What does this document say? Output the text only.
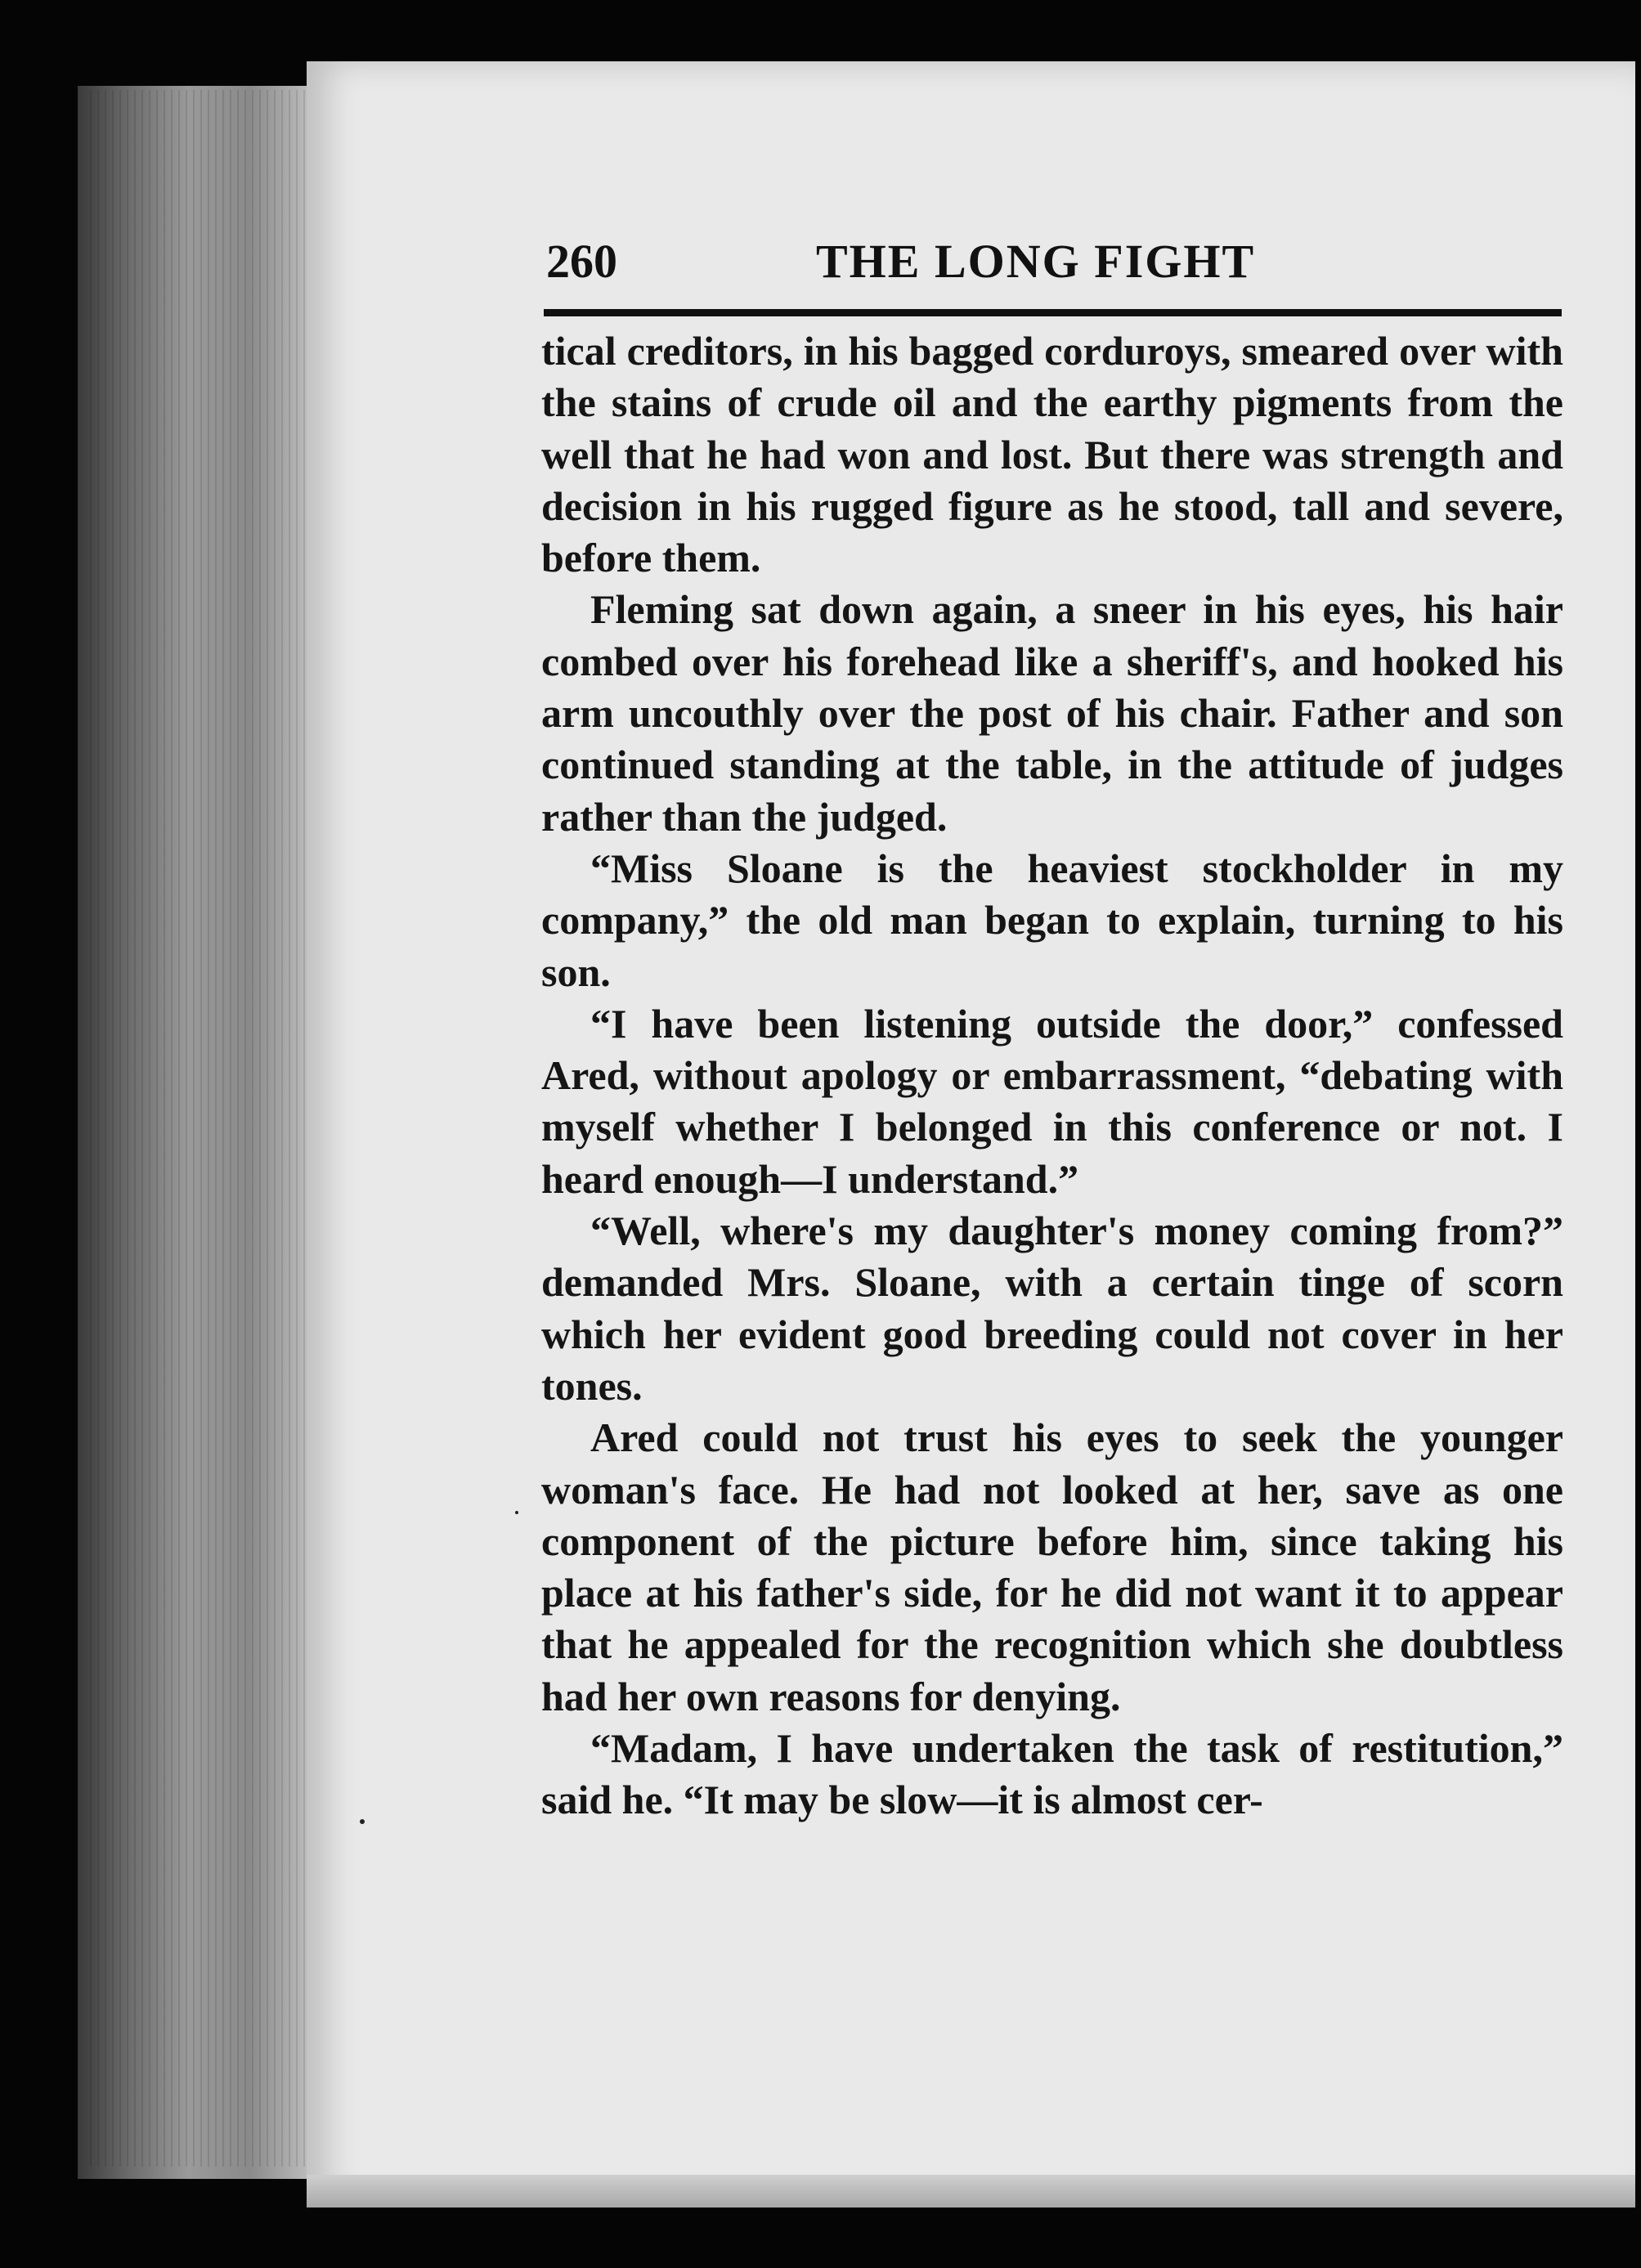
260	THE LONG FIGHT

tical creditors, in his bagged corduroys, smeared over with the stains of crude oil and the earthy pigments from the well that he had won and lost. But there was strength and decision in his rugged figure as he stood, tall and severe, before them.

Fleming sat down again, a sneer in his eyes, his hair combed over his forehead like a sheriff's, and hooked his arm uncouthly over the post of his chair. Father and son continued standing at the table, in the attitude of judges rather than the judged.

“Miss Sloane is the heaviest stockholder in my company,” the old man began to explain, turning to his son.

“I have been listening outside the door,” confessed Ared, without apology or embarrassment, “debating with myself whether I belonged in this conference or not. I heard enough—I understand.”

“Well, where's my daughter's money coming from?” demanded Mrs. Sloane, with a certain tinge of scorn which her evident good breeding could not cover in her tones.

Ared could not trust his eyes to seek the younger woman's face. He had not looked at her, save as one component of the picture before him, since taking his place at his father's side, for he did not want it to appear that he appealed for the recognition which she doubtless had her own reasons for denying.

“Madam, I have undertaken the task of restitution,” said he. “It may be slow—it is almost cer-
